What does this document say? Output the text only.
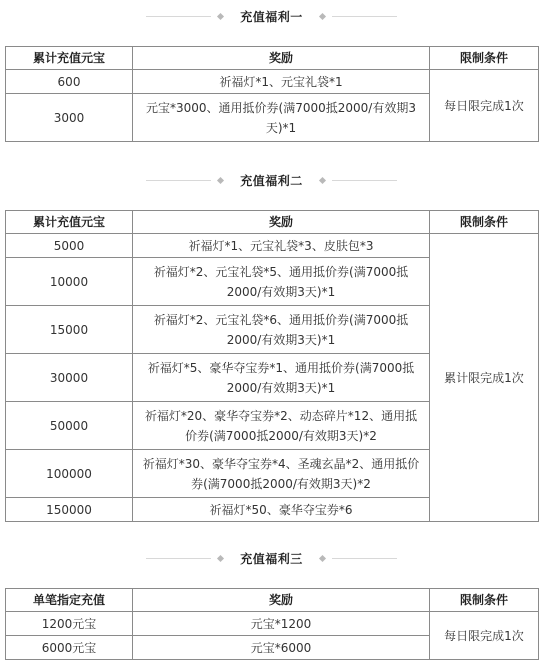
充值福利一
累计充值元宝	奖励	限制条件
600	祈福灯*1、元宝礼袋*1	每日限完成1次
3000	元宝*3000、通用抵价券(满7000抵2000/有效期3天)*1	
充值福利二
累计充值元宝	奖励	限制条件
5000	祈福灯*1、元宝礼袋*3、皮肤包*3	累计限完成1次
10000	祈福灯*2、元宝礼袋*5、通用抵价券(满7000抵2000/有效期3天)*1	
15000	祈福灯*2、元宝礼袋*6、通用抵价券(满7000抵2000/有效期3天)*1	
30000	祈福灯*5、豪华夺宝券*1、通用抵价券(满7000抵2000/有效期3天)*1	
50000	祈福灯*20、豪华夺宝券*2、动态碎片*12、通用抵价券(满7000抵2000/有效期3天)*2	
100000	祈福灯*30、豪华夺宝券*4、圣魂玄晶*2、通用抵价券(满7000抵2000/有效期3天)*2	
150000	祈福灯*50、豪华夺宝券*6	
充值福利三
单笔指定充值	奖励	限制条件
1200元宝	元宝*1200	每日限完成1次
6000元宝	元宝*6000	
